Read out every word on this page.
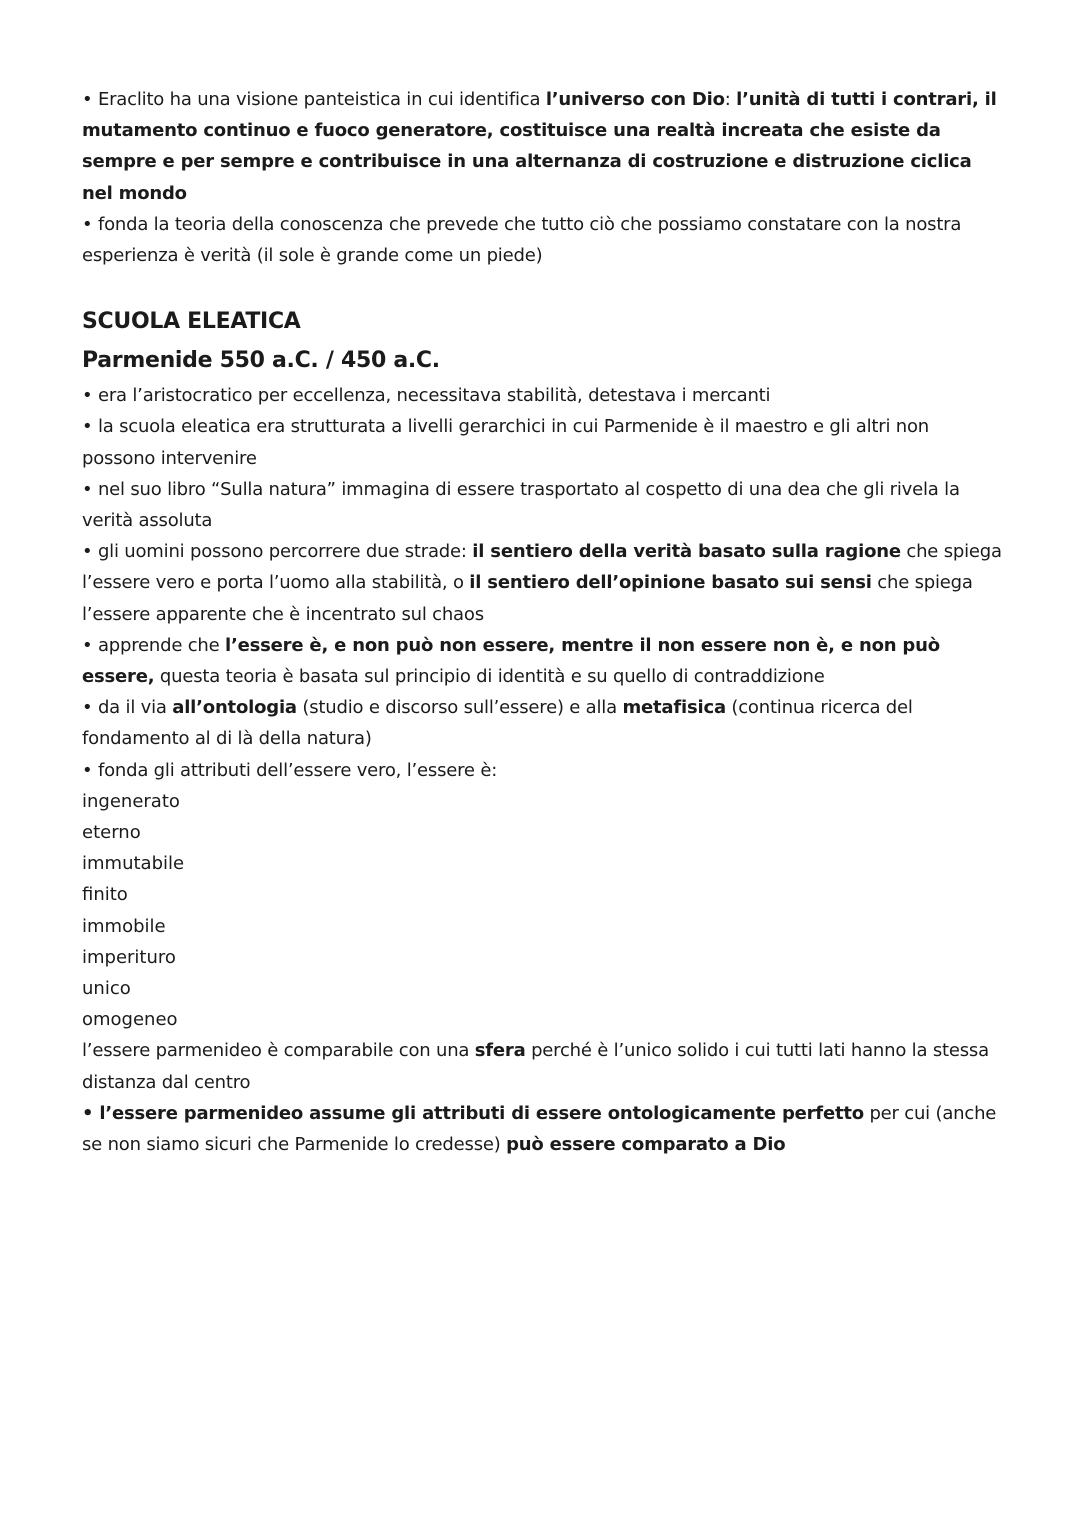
• Eraclito ha una visione panteistica in cui identifica l’universo con Dio: l’unità di tutti i contrari, il mutamento continuo e fuoco generatore, costituisce una realtà increata che esiste da sempre e per sempre e contribuisce in una alternanza di costruzione e distruzione ciclica nel mondo

• fonda la teoria della conoscenza che prevede che tutto ciò che possiamo constatare con la nostra esperienza è verità (il sole è grande come un piede)

SCUOLA ELEATICA
Parmenide 550 a.C. / 450 a.C.

• era l’aristocratico per eccellenza, necessitava stabilità, detestava i mercanti

• la scuola eleatica era strutturata a livelli gerarchici in cui Parmenide è il maestro e gli altri non possono intervenire

• nel suo libro “Sulla natura” immagina di essere trasportato al cospetto di una dea che gli rivela la verità assoluta

• gli uomini possono percorrere due strade: il sentiero della verità basato sulla ragione che spiega l’essere vero e porta l’uomo alla stabilità, o il sentiero dell’opinione basato sui sensi che spiega l’essere apparente che è incentrato sul chaos

• apprende che l’essere è, e non può non essere, mentre il non essere non è, e non può essere, questa teoria è basata sul principio di identità e su quello di contraddizione

• da il via all’ontologia (studio e discorso sull’essere) e alla metafisica (continua ricerca del fondamento al di là della natura)

• fonda gli attributi dell’essere vero, l’essere è:

ingenerato

eterno

immutabile

finito

immobile

imperituro

unico

omogeneo

l’essere parmenideo è comparabile con una sfera perché è l’unico solido i cui tutti lati hanno la stessa distanza dal centro

• l’essere parmenideo assume gli attributi di essere ontologicamente perfetto per cui (anche se non siamo sicuri che Parmenide lo credesse) può essere comparato a Dio
